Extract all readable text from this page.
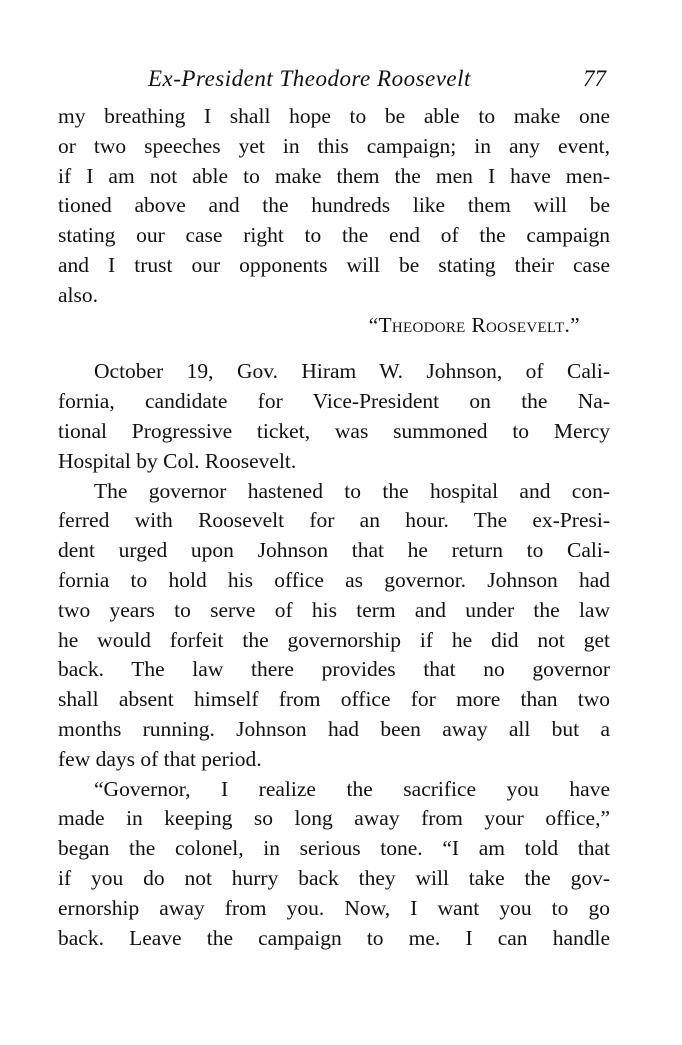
Ex-President Theodore Roosevelt	77
my breathing I shall hope to be able to make one
or two speeches yet in this campaign; in any event,
if I am not able to make them the men I have men-
tioned above and the hundreds like them will be
stating our case right to the end of the campaign
and I trust our opponents will be stating their case
also.
“Theodore Roosevelt.”
October 19, Gov. Hiram W. Johnson, of Cali-
fornia, candidate for Vice-President on the Na-
tional Progressive ticket, was summoned to Mercy
Hospital by Col. Roosevelt.
The governor hastened to the hospital and con-
ferred with Roosevelt for an hour. The ex-Presi-
dent urged upon Johnson that he return to Cali-
fornia to hold his office as governor. Johnson had
two years to serve of his term and under the law
he would forfeit the governorship if he did not get
back. The law there provides that no governor
shall absent himself from office for more than two
months running. Johnson had been away all but a
few days of that period.
“Governor, I realize the sacrifice you have
made in keeping so long away from your office,”
began the colonel, in serious tone. “I am told that
if you do not hurry back they will take the gov-
ernorship away from you. Now, I want you to go
back. Leave the campaign to me. I can handle
